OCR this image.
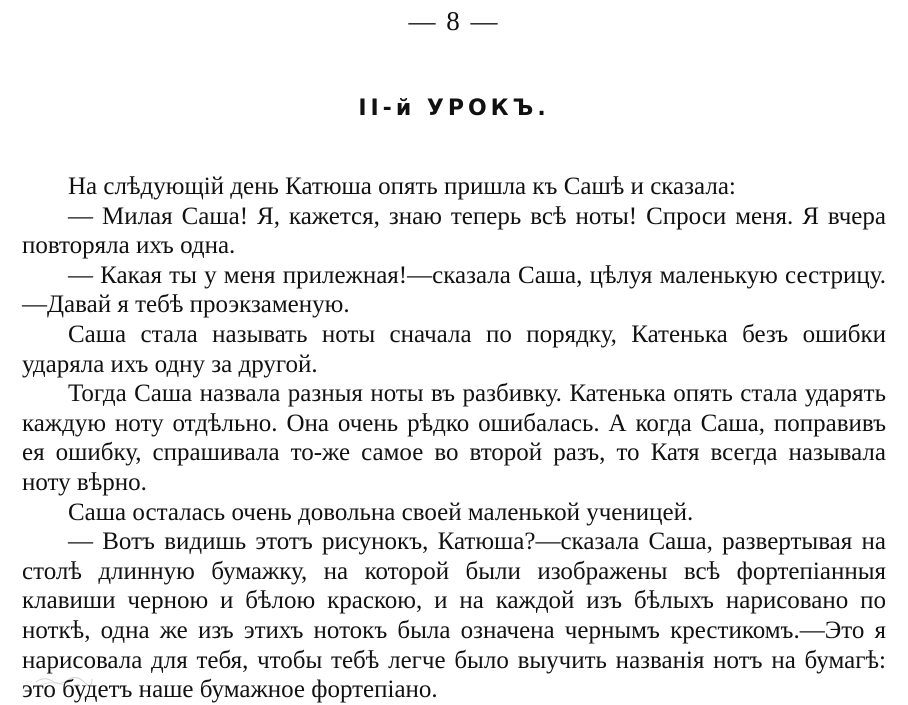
— 8 —
II-й УРОКЪ.

На слѣдующій день Катюша опять пришла къ Сашѣ и сказала:

— Милая Саша! Я, кажется, знаю теперь всѣ ноты! Спроси меня. Я вчера повторяла ихъ одна.

— Какая ты у меня прилежная!—сказала Саша, цѣлуя маленькую сестрицу.—Давай я тебѣ проэкзаменую.

Саша стала называть ноты сначала по порядку, Катенька безъ ошибки ударяла ихъ одну за другой.

Тогда Саша назвала разныя ноты въ разбивку. Катенька опять стала ударять каждую ноту отдѣльно. Она очень рѣдко ошибалась. А когда Саша, поправивъ ея ошибку, спрашивала то-же самое во второй разъ, то Катя всегда называла ноту вѣрно.

Саша осталась очень довольна своей маленькой ученицей.

— Вотъ видишь этотъ рисунокъ, Катюша?—сказала Саша, развертывая на столѣ длинную бумажку, на которой были изображены всѣ фортепіанныя клавиши черною и бѣлою краскою, и на каждой изъ бѣлыхъ нарисовано по ноткѣ, одна же изъ этихъ нотокъ была означена чернымъ крестикомъ.—Это я нарисовала для тебя, чтобы тебѣ легче было выучить названія нотъ на бумагѣ: это будетъ наше бумажное фортепіано.
